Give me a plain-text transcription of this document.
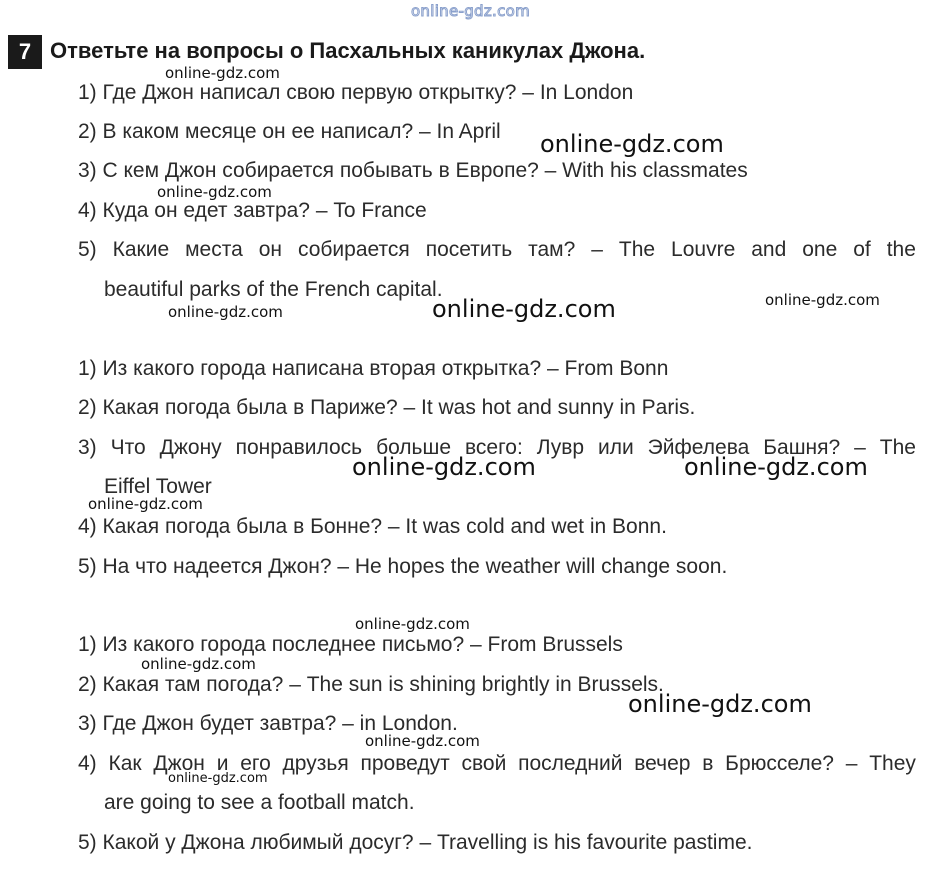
online-gdz.com
7 Ответьте на вопросы о Пасхальных каникулах Джона.
1) Где Джон написал свою первую открытку? – In London
2) В каком месяце он ее написал? – In April
3) С кем Джон собирается побывать в Европе? – With his classmates
4) Куда он едет завтра? – To France
5) Какие места он собирается посетить там? – The Louvre and one of the
beautiful parks of the French capital.
1) Из какого города написана вторая открытка? – From Bonn
2) Какая погода была в Париже? – It was hot and sunny in Paris.
3) Что Джону понравилось больше всего: Лувр или Эйфелева Башня? – The
Eiffel Tower
4) Какая погода была в Бонне? – It was cold and wet in Bonn.
5) На что надеется Джон? – He hopes the weather will change soon.
1) Из какого города последнее письмо? – From Brussels
2) Какая там погода? – The sun is shining brightly in Brussels.
3) Где Джон будет завтра? – in London.
4) Как Джон и его друзья проведут свой последний вечер в Брюсселе? – They
are going to see a football match.
5) Какой у Джона любимый досуг? – Travelling is his favourite pastime.
online-gdz.com
online-gdz.com
online-gdz.com
online-gdz.com	online-gdz.com
online-gdz.com
online-gdz.com	online-gdz.com
online-gdz.com
online-gdz.com
online-gdz.com
online-gdz.com
online-gdz.com
online-gdz.com
